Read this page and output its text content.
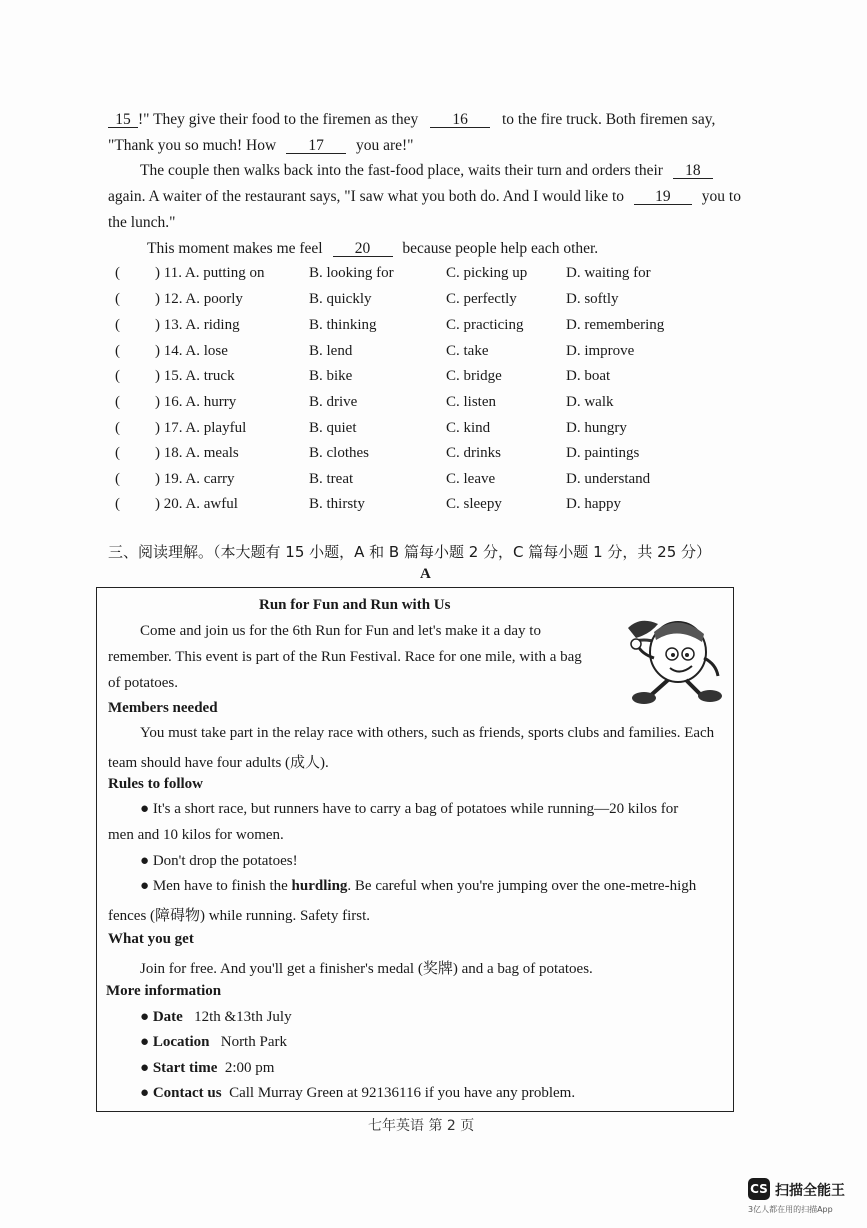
15 !" They give their food to the firemen as they 16 to the fire truck. Both firemen say,
"Thank you so much! How 17 you are!"
The couple then walks back into the fast-food place, waits their turn and orders their 18
again. A waiter of the restaurant says, "I saw what you both do. And I would like to 19 you to
the lunch."
This moment makes me feel 20 because people help each other.
( ) 11. A. putting on	B. looking for	C. picking up	D. waiting for
( ) 12. A. poorly	B. quickly	C. perfectly	D. softly
( ) 13. A. riding	B. thinking	C. practicing	D. remembering
( ) 14. A. lose	B. lend	C. take	D. improve
( ) 15. A. truck	B. bike	C. bridge	D. boat
( ) 16. A. hurry	B. drive	C. listen	D. walk
( ) 17. A. playful	B. quiet	C. kind	D. hungry
( ) 18. A. meals	B. clothes	C. drinks	D. paintings
( ) 19. A. carry	B. treat	C. leave	D. understand
( ) 20. A. awful	B. thirsty	C. sleepy	D. happy
三、阅读理解。（本大题有 15 小题，A 和 B 篇每小题 2 分，C 篇每小题 1 分，共 25 分）
A
Run for Fun and Run with Us
Come and join us for the 6th Run for Fun and let's make it a day to
remember. This event is part of the Run Festival. Race for one mile, with a bag
of potatoes.
Members needed
You must take part in the relay race with others, such as friends, sports clubs and families. Each
team should have four adults (成人).
Rules to follow
● It's a short race, but runners have to carry a bag of potatoes while running—20 kilos for
men and 10 kilos for women.
● Don't drop the potatoes!
● Men have to finish the hurdling. Be careful when you're jumping over the one-metre-high
fences (障碍物) while running. Safety first.
What you get
Join for free. And you'll get a finisher's medal (奖牌) and a bag of potatoes.
More information
● Date 12th &13th July
● Location North Park
● Start time 2:00 pm
● Contact us Call Murray Green at 92136116 if you have any problem.
七年英语 第 2 页
CS 扫描全能王
3亿人都在用的扫描App
